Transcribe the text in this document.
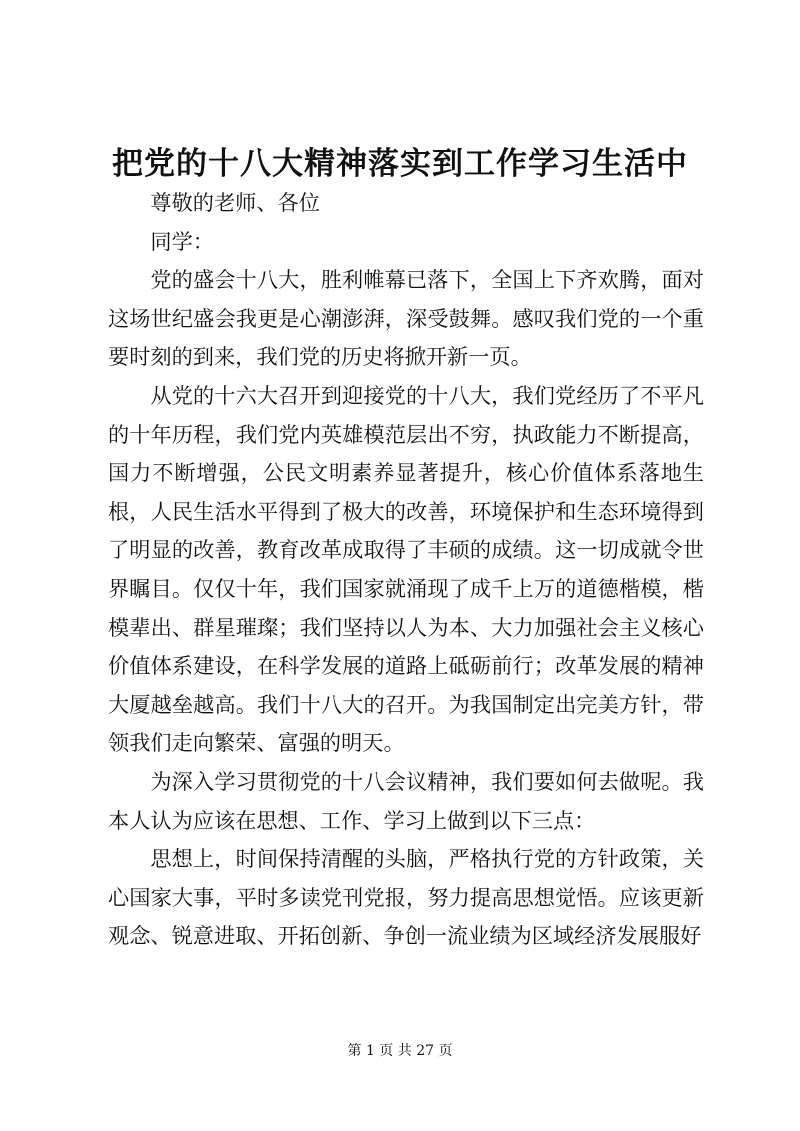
把党的十八大精神落实到工作学习生活中

尊敬的老师、各位

同学：

党的盛会十八大，胜利帷幕已落下，全国上下齐欢腾，面对这场世纪盛会我更是心潮澎湃，深受鼓舞。感叹我们党的一个重要时刻的到来，我们党的历史将掀开新一页。

从党的十六大召开到迎接党的十八大，我们党经历了不平凡的十年历程，我们党内英雄模范层出不穷，执政能力不断提高，国力不断增强，公民文明素养显著提升，核心价值体系落地生根，人民生活水平得到了极大的改善，环境保护和生态环境得到了明显的改善，教育改革成取得了丰硕的成绩。这一切成就令世界瞩目。仅仅十年，我们国家就涌现了成千上万的道德楷模，楷模辈出、群星璀璨；我们坚持以人为本、大力加强社会主义核心价值体系建设，在科学发展的道路上砥砺前行；改革发展的精神大厦越垒越高。我们十八大的召开。为我国制定出完美方针，带领我们走向繁荣、富强的明天。

为深入学习贯彻党的十八会议精神，我们要如何去做呢。我本人认为应该在思想、工作、学习上做到以下三点：

思想上，时间保持清醒的头脑，严格执行党的方针政策，关心国家大事，平时多读党刊党报，努力提高思想觉悟。应该更新观念、锐意进取、开拓创新、争创一流业绩为区域经济发展服好

第 1 页 共 27 页
